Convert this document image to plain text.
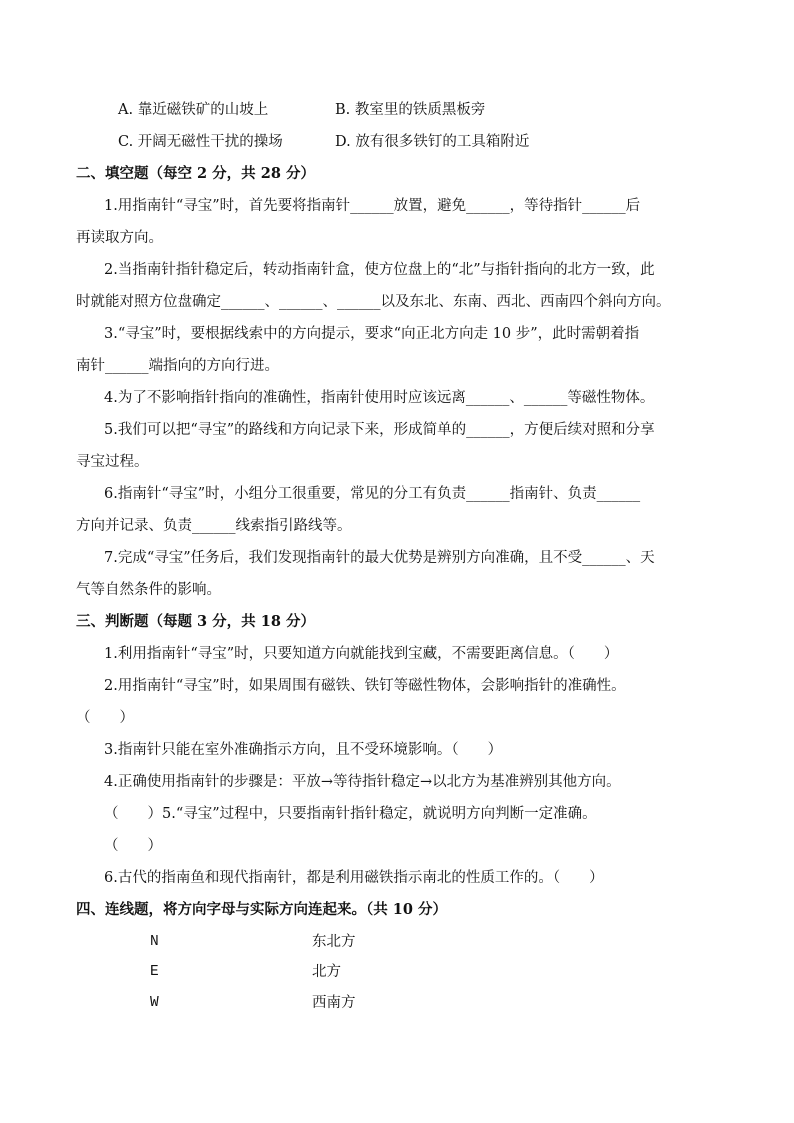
A. 靠近磁铁矿的山坡上	B. 教室里的铁质黑板旁
C. 开阔无磁性干扰的操场	D. 放有很多铁钉的工具箱附近
二、填空题（每空 2 分，共 28 分）
1.用指南针“寻宝”时，首先要将指南针______放置，避免______，等待指针______后
再读取方向。
2.当指南针指针稳定后，转动指南针盒，使方位盘上的“北”与指针指向的北方一致，此
时就能对照方位盘确定______、______、______以及东北、东南、西北、西南四个斜向方向。
3.“寻宝”时，要根据线索中的方向提示，要求“向正北方向走 10 步”，此时需朝着指
南针______端指向的方向行进。
4.为了不影响指针指向的准确性，指南针使用时应该远离______、______等磁性物体。
5.我们可以把“寻宝”的路线和方向记录下来，形成简单的______，方便后续对照和分享
寻宝过程。
6.指南针“寻宝”时，小组分工很重要，常见的分工有负责______指南针、负责______
方向并记录、负责______线索指引路线等。
7.完成“寻宝”任务后，我们发现指南针的最大优势是辨别方向准确，且不受______、天
气等自然条件的影响。
三、判断题（每题 3 分，共 18 分）
1.利用指南针“寻宝”时，只要知道方向就能找到宝藏，不需要距离信息。（　　）
2.用指南针“寻宝”时，如果周围有磁铁、铁钉等磁性物体，会影响指针的准确性。
（　　）
3.指南针只能在室外准确指示方向，且不受环境影响。（　　）
4.正确使用指南针的步骤是：平放→等待指针稳定→以北方为基准辨别其他方向。
（　　）5.“寻宝”过程中，只要指南针指针稳定，就说明方向判断一定准确。
（　　）
6.古代的指南鱼和现代指南针，都是利用磁铁指示南北的性质工作的。（　　）
四、连线题，将方向字母与实际方向连起来。（共 10 分）
N	东北方
E	北方
W	西南方
